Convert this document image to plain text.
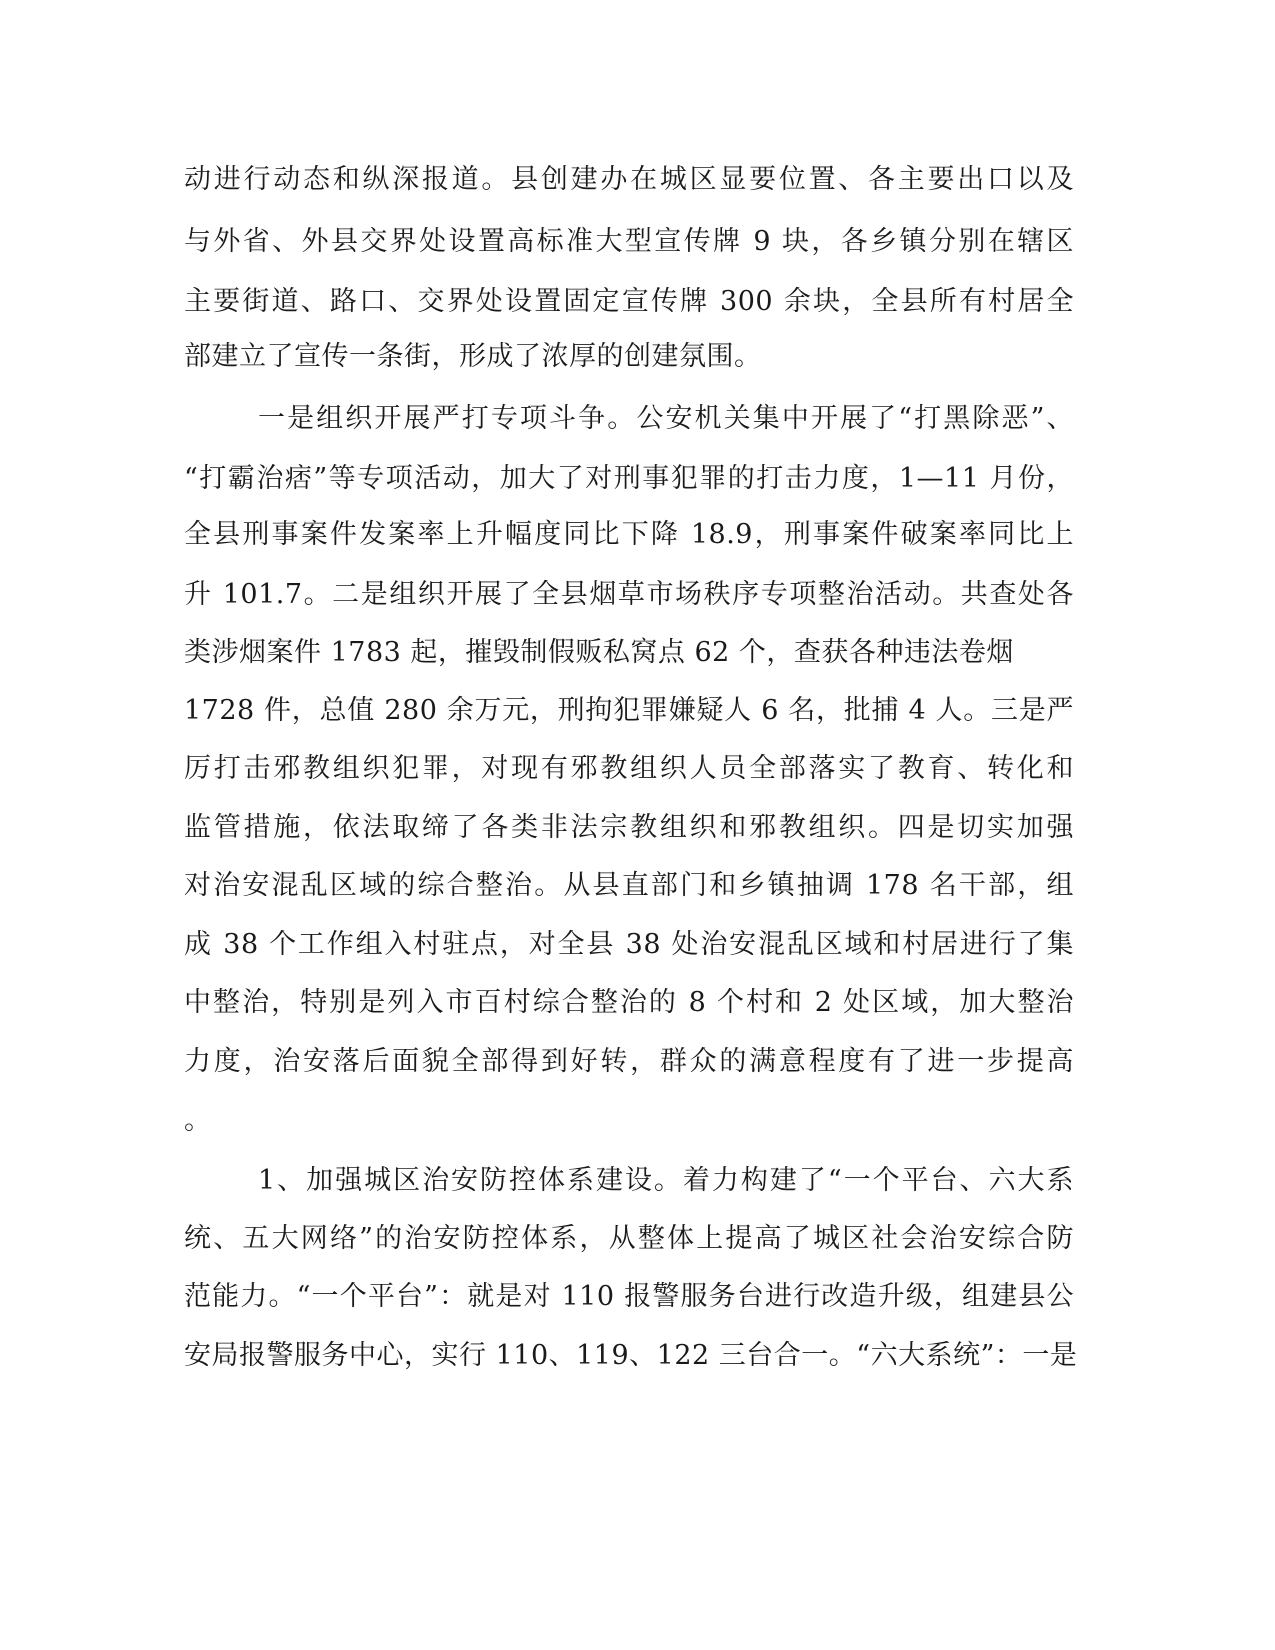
动进行动态和纵深报道。县创建办在城区显要位置、各主要出口以及

与外省、外县交界处设置高标准大型宣传牌 9 块，各乡镇分别在辖区

主要街道、路口、交界处设置固定宣传牌 300 余块，全县所有村居全

部建立了宣传一条街，形成了浓厚的创建氛围。

一是组织开展严打专项斗争。公安机关集中开展了“打黑除恶”、

“打霸治痞”等专项活动，加大了对刑事犯罪的打击力度，1—11 月份，

全县刑事案件发案率上升幅度同比下降 18.9，刑事案件破案率同比上

升 101.7。二是组织开展了全县烟草市场秩序专项整治活动。共查处各

类涉烟案件 1783 起，摧毁制假贩私窝点 62 个，查获各种违法卷烟

1728 件，总值 280 余万元，刑拘犯罪嫌疑人 6 名，批捕 4 人。三是严

厉打击邪教组织犯罪，对现有邪教组织人员全部落实了教育、转化和

监管措施，依法取缔了各类非法宗教组织和邪教组织。四是切实加强

对治安混乱区域的综合整治。从县直部门和乡镇抽调 178 名干部，组

成 38 个工作组入村驻点，对全县 38 处治安混乱区域和村居进行了集

中整治，特别是列入市百村综合整治的 8 个村和 2 处区域，加大整治

力度，治安落后面貌全部得到好转，群众的满意程度有了进一步提高

。

1、加强城区治安防控体系建设。着力构建了“一个平台、六大系

统、五大网络”的治安防控体系，从整体上提高了城区社会治安综合防

范能力。“一个平台”：就是对 110 报警服务台进行改造升级，组建县公

安局报警服务中心，实行 110、119、122 三台合一。“六大系统”：一是
